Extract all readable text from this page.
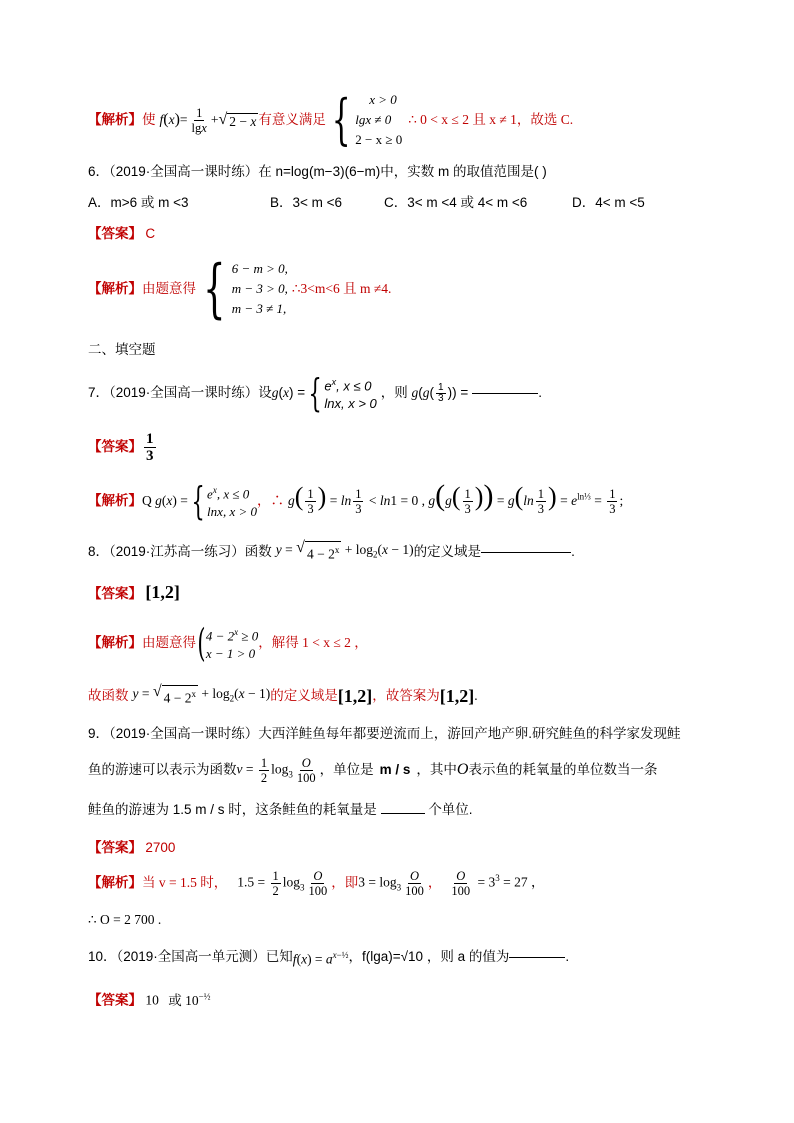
【解析】 使 f ( x ) = $\frac{1}{\lg x}$ + √ 2 − x 有意义满足 {	x > 0
lgx ≠ 0
2 − x ≥ 0
∴ 0 < x ≤ 2 且 x ≠ 1 ，故选 C.
6．（2019·全国高一课时练）在 n=log(m−3)(6−m)中，实数 m 的取值范围是( )
A．m>6 或 m <3	B．3< m <6	C．3< m <4 或 4< m <6	D．4< m <5
【答案】 C
【解析】 由题意得 { 6 − m > 0,
m − 3 > 0,
m − 3 ≠ 1,
∴3<m<6 且 m ≠4.
二、填空题
7．（2019·全国高一课时练）设 g ( x ) = { $e^x$, x ≤ 0
lnx, x > 0
，则 $g(g( \frac{1}{3}$ )) =	.
【答案】 $\frac{1}{3}$
【解析】 Q g(x) = { $e^x$, x ≤ 0
lnx, x > 0
，∴ $g( \frac{1}{3}$ ) = $\ln \frac{1}{3} < \ln 1 = 0$ , $g(g( \frac{1}{3}$ )) = $g(\ln \frac{1}{3}$ ) = $e^{ln\frac{1}{3}} = \frac{1}{3}$ ;
8．（2019·江苏高一练习）函数 y = √ $4 - 2^x + \log_2(x - 1)$ 的定义域是	.
【答案】 [1,2]
【解析】 由题意得 ( $4 - 2^x \ge 0$
x − 1 > 0
，解得 1 < x ≤ 2 ，
故函数 y = √ $4 - 2^x + \log_2(x - 1)$ 的定义域是 [1,2] ，故答案为 [1,2] .
9．（2019·全国高一课时练）大西洋鲑鱼每年都要逆流而上，游回产地产卵.研究鲑鱼的科学家发现鲑
鱼的游速可以表示为函数 $v = \frac{1}{2} \log_3 \frac{O}{100}$ ，单位是 m / s ，其中 O 表示鱼的耗氧量的单位数当一条
鲑鱼的游速为 1.5 m / s 时，这条鲑鱼的耗氧量是	个单位.
【答案】 2700
【解析】 当 v = 1.5 时， $1.5 = \frac{1}{2} \log_3 \frac{O}{100}$ ，即 $3 = \log_3 \frac{O}{100}$ ， $\frac{O}{100} = 3^3 = 27$ ，
∴ O = 2 700 .
10．（2019·全国高一单元测）已知 $f(x) = a^{x-\frac{1}{2}}$ ，f(lga)=√10 ，则 a 的值为	.
【答案】 10 或 $10^{-\frac{1}{2}}$
